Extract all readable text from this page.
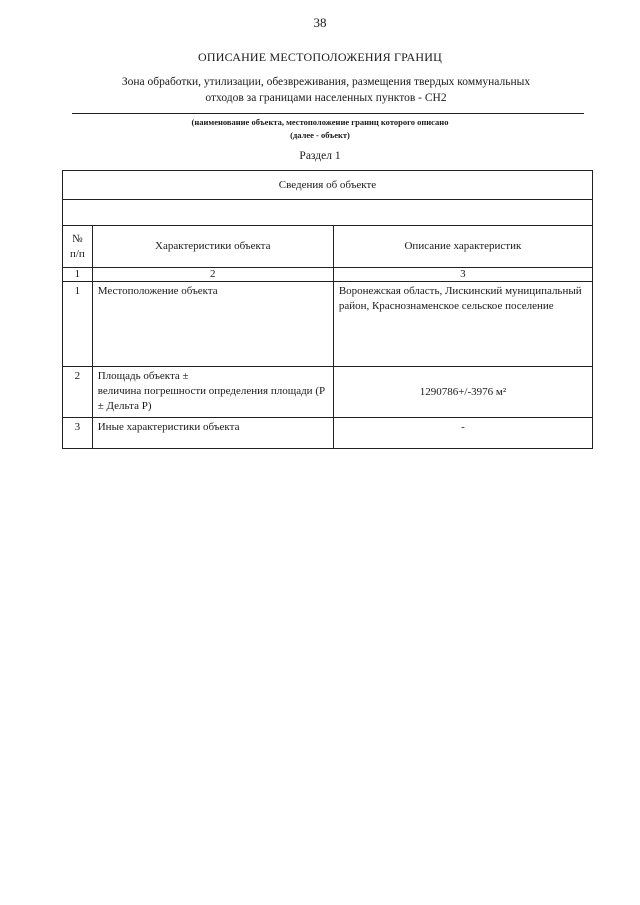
38
ОПИСАНИЕ МЕСТОПОЛОЖЕНИЯ ГРАНИЦ
Зона обработки, утилизации, обезвреживания, размещения твердых коммунальных
отходов за границами населенных пунктов - СН2
(наименование объекта, местоположение границ которого описано
(далее - объект)
Раздел 1
Сведения об объекте		

№
п/п	Характеристики объекта	Описание характеристик
1	2	3
1	Местоположение объекта	Воронежская область, Лискинский муниципальный район, Краснознаменское сельское поселение
2	Площадь объекта ±
величина погрешности определения площади (Р ± Дельта Р)	1290786+/-3976 м²
3	Иные характеристики объекта	-
